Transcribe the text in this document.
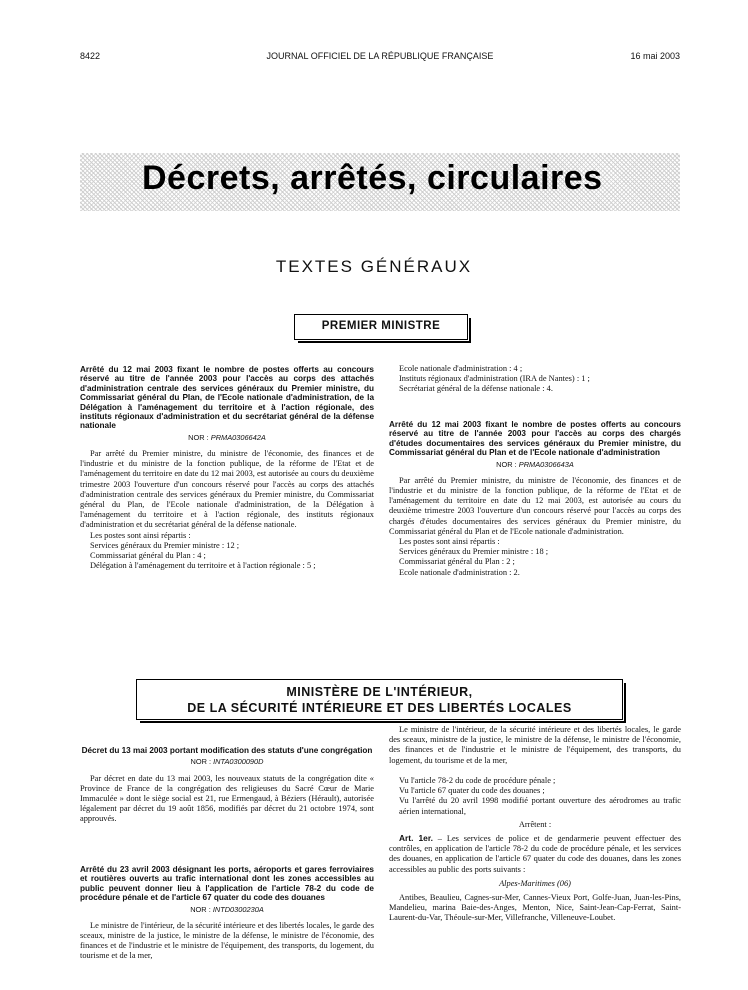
8422	JOURNAL OFFICIEL DE LA RÉPUBLIQUE FRANÇAISE	16 mai 2003
Décrets, arrêtés, circulaires
TEXTES GÉNÉRAUX
PREMIER MINISTRE
Arrêté du 12 mai 2003 fixant le nombre de postes offerts au concours réservé au titre de l'année 2003 pour l'accès au corps des attachés d'administration centrale des services généraux du Premier ministre, du Commissariat général du Plan, de l'Ecole nationale d'administration, de la Délégation à l'aménagement du territoire et à l'action régionale, des instituts régionaux d'administration et du secrétariat général de la défense nationale
NOR : PRMA0306642A
Par arrêté du Premier ministre, du ministre de l'économie, des finances et de l'industrie et du ministre de la fonction publique, de la réforme de l'Etat et de l'aménagement du territoire en date du 12 mai 2003, est autorisée au cours du deuxième trimestre 2003 l'ouverture d'un concours réservé pour l'accès au corps des attachés d'administration centrale des services généraux du Premier ministre, du Commissariat général du Plan, de l'Ecole nationale d'administration, de la Délégation à l'aménagement du territoire et à l'action régionale, des instituts régionaux d'administration et du secrétariat général de la défense nationale.
Les postes sont ainsi répartis :
Services généraux du Premier ministre : 12 ;
Commissariat général du Plan : 4 ;
Délégation à l'aménagement du territoire et à l'action régionale : 5 ;
Ecole nationale d'administration : 4 ;
Instituts régionaux d'administration (IRA de Nantes) : 1 ;
Secrétariat général de la défense nationale : 4.
Arrêté du 12 mai 2003 fixant le nombre de postes offerts au concours réservé au titre de l'année 2003 pour l'accès au corps des chargés d'études documentaires des services généraux du Premier ministre, du Commissariat général du Plan et de l'Ecole nationale d'administration
NOR : PRMA0306643A
Par arrêté du Premier ministre, du ministre de l'économie, des finances et de l'industrie et du ministre de la fonction publique, de la réforme de l'Etat et de l'aménagement du territoire en date du 12 mai 2003, est autorisée au cours du deuxième trimestre 2003 l'ouverture d'un concours réservé pour l'accès au corps des chargés d'études documentaires des services généraux du Premier ministre, du Commissariat général du Plan et de l'Ecole nationale d'administration.
Les postes sont ainsi répartis :
Services généraux du Premier ministre : 18 ;
Commissariat général du Plan : 2 ;
Ecole nationale d'administration : 2.
MINISTÈRE DE L'INTÉRIEUR,
DE LA SÉCURITÉ INTÉRIEURE ET DES LIBERTÉS LOCALES
Décret du 13 mai 2003 portant modification des statuts d'une congrégation
NOR : INTA0300090D
Par décret en date du 13 mai 2003, les nouveaux statuts de la congrégation dite « Province de France de la congrégation des religieuses du Sacré Cœur de Marie Immaculée » dont le siège social est 21, rue Ermengaud, à Béziers (Hérault), autorisée légalement par décret du 19 août 1856, modifiés par décret du 21 octobre 1974, sont approuvés.
Arrêté du 23 avril 2003 désignant les ports, aéroports et gares ferroviaires et routières ouverts au trafic international dont les zones accessibles au public peuvent donner lieu à l'application de l'article 78-2 du code de procédure pénale et de l'article 67 quater du code des douanes
NOR : INTD0300230A
Le ministre de l'intérieur, de la sécurité intérieure et des libertés locales, le garde des sceaux, ministre de la justice, le ministre de la défense, le ministre de l'économie, des finances et de l'industrie et le ministre de l'équipement, des transports, du logement, du tourisme et de la mer,
Le ministre de l'intérieur, de la sécurité intérieure et des libertés locales, le garde des sceaux, ministre de la justice, le ministre de la défense, le ministre de l'économie, des finances et de l'industrie et le ministre de l'équipement, des transports, du logement, du tourisme et de la mer,
Vu l'article 78-2 du code de procédure pénale ;
Vu l'article 67 quater du code des douanes ;
Vu l'arrêté du 20 avril 1998 modifié portant ouverture des aérodromes au trafic aérien international,
Arrêtent :
Art. 1er. – Les services de police et de gendarmerie peuvent effectuer des contrôles, en application de l'article 78-2 du code de procédure pénale, et les services des douanes, en application de l'article 67 quater du code des douanes, dans les zones accessibles au public des ports suivants :
Alpes-Maritimes (06)
Antibes, Beaulieu, Cagnes-sur-Mer, Cannes-Vieux Port, Golfe-Juan, Juan-les-Pins, Mandelieu, marina Baie-des-Anges, Menton, Nice, Saint-Jean-Cap-Ferrat, Saint-Laurent-du-Var, Théoule-sur-Mer, Villefranche, Villeneuve-Loubet.
